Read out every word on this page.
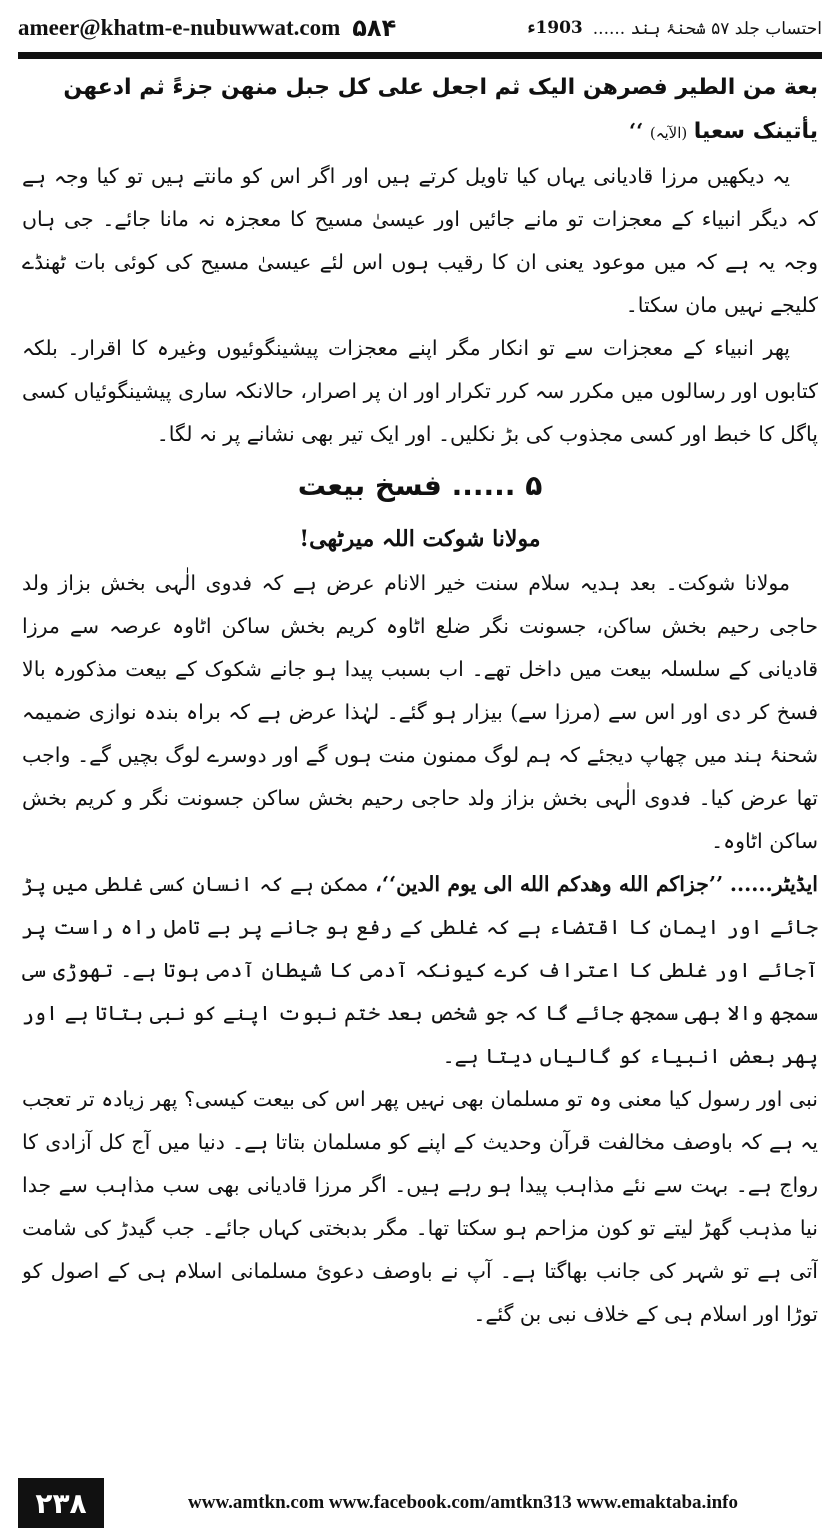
ameer@khatm-e-nubuwwat.com ۵۸۴	احتساب جلد ۵۷ شحنۂ ہند ......
1903ء

بعة من الطير فصرهن اليک ثم اجعل علی کل جبل منهن جزءً ثم ادعهن

یأتینک سعیا (الآیہ) ‘‘

یہ دیکھیں مرزا قادیانی یہاں کیا تاویل کرتے ہیں اور اگر اس کو مانتے ہیں تو کیا وجہ ہے کہ دیگر انبیاء کے معجزات تو مانے جائیں اور عیسیٰ مسیح کا معجزہ نہ مانا جائے۔ جی ہاں وجہ یہ ہے کہ میں موعود یعنی ان کا رقیب ہوں اس لئے عیسیٰ مسیح کی کوئی بات ٹھنڈے کلیجے نہیں مان سکتا۔

پھر انبیاء کے معجزات سے تو انکار مگر اپنے معجزات پیشینگوئیوں وغیرہ کا اقرار۔ بلکہ کتابوں اور رسالوں میں مکرر سہ کرر تکرار اور ان پر اصرار، حالانکہ ساری پیشینگوئیاں کسی پاگل کا خبط اور کسی مجذوب کی بڑ نکلیں۔ اور ایک تیر بھی نشانے پر نہ لگا۔

۵ ...... فسخ بیعت
مولانا شوکت اللہ میرٹھی!

مولانا شوکت۔ بعد ہدیہ سلام سنت خیر الانام عرض ہے کہ فدوی الٰہی بخش بزاز ولد حاجی رحیم بخش ساکن، جسونت نگر ضلع اٹاوہ کریم بخش ساکن اٹاوہ عرصہ سے مرزا قادیانی کے سلسلہ بیعت میں داخل تھے۔ اب بسبب پیدا ہو جانے شکوک کے بیعت مذکورہ بالا فسخ کر دی اور اس سے (مرزا سے) بیزار ہو گئے۔ لہٰذا عرض ہے کہ براہ بندہ نوازی ضمیمہ شحنۂ ہند میں چھاپ دیجئے کہ ہم لوگ ممنون منت ہوں گے اور دوسرے لوگ بچیں گے۔ واجب تھا عرض کیا۔ فدوی الٰہی بخش بزاز ولد حاجی رحیم بخش ساکن جسونت نگر و کریم بخش ساکن اٹاوہ۔

ایڈیٹر...... ’’جزاکم الله وهدکم الله الی یوم الدین‘‘، ممکن ہے کہ انسان کسی غلطی میں پڑ جائے اور ایمان کا اقتضاء ہے کہ غلطی کے رفع ہو جانے پر بے تامل راہ راست پر آجائے اور غلطی کا اعتراف کرے کیونکہ آدمی کا شیطان آدمی ہوتا ہے۔ تھوڑی سی سمجھ والا بھی سمجھ جائے گا کہ جو شخص بعد ختم نبوت اپنے کو نبی بتاتا ہے اور پھر بعض انبیاء کو گالیاں دیتا ہے۔

نبی اور رسول کیا معنی وہ تو مسلمان بھی نہیں پھر اس کی بیعت کیسی؟ پھر زیادہ تر تعجب یہ ہے کہ باوصف مخالفت قرآن وحدیث کے اپنے کو مسلمان بتاتا ہے۔ دنیا میں آج کل آزادی کا رواج ہے۔ بہت سے نئے مذاہب پیدا ہو رہے ہیں۔ اگر مرزا قادیانی بھی سب مذاہب سے جدا نیا مذہب گھڑ لیتے تو کون مزاحم ہو سکتا تھا۔ مگر بدبختی کہاں جائے۔ جب گیدڑ کی شامت آتی ہے تو شہر کی جانب بھاگتا ہے۔ آپ نے باوصف دعوئ مسلمانی اسلام ہی کے اصول کو توڑا اور اسلام ہی کے خلاف نبی بن گئے۔

۲۳۸	www.amtkn.com www.facebook.com/amtkn313 www.emaktaba.info
